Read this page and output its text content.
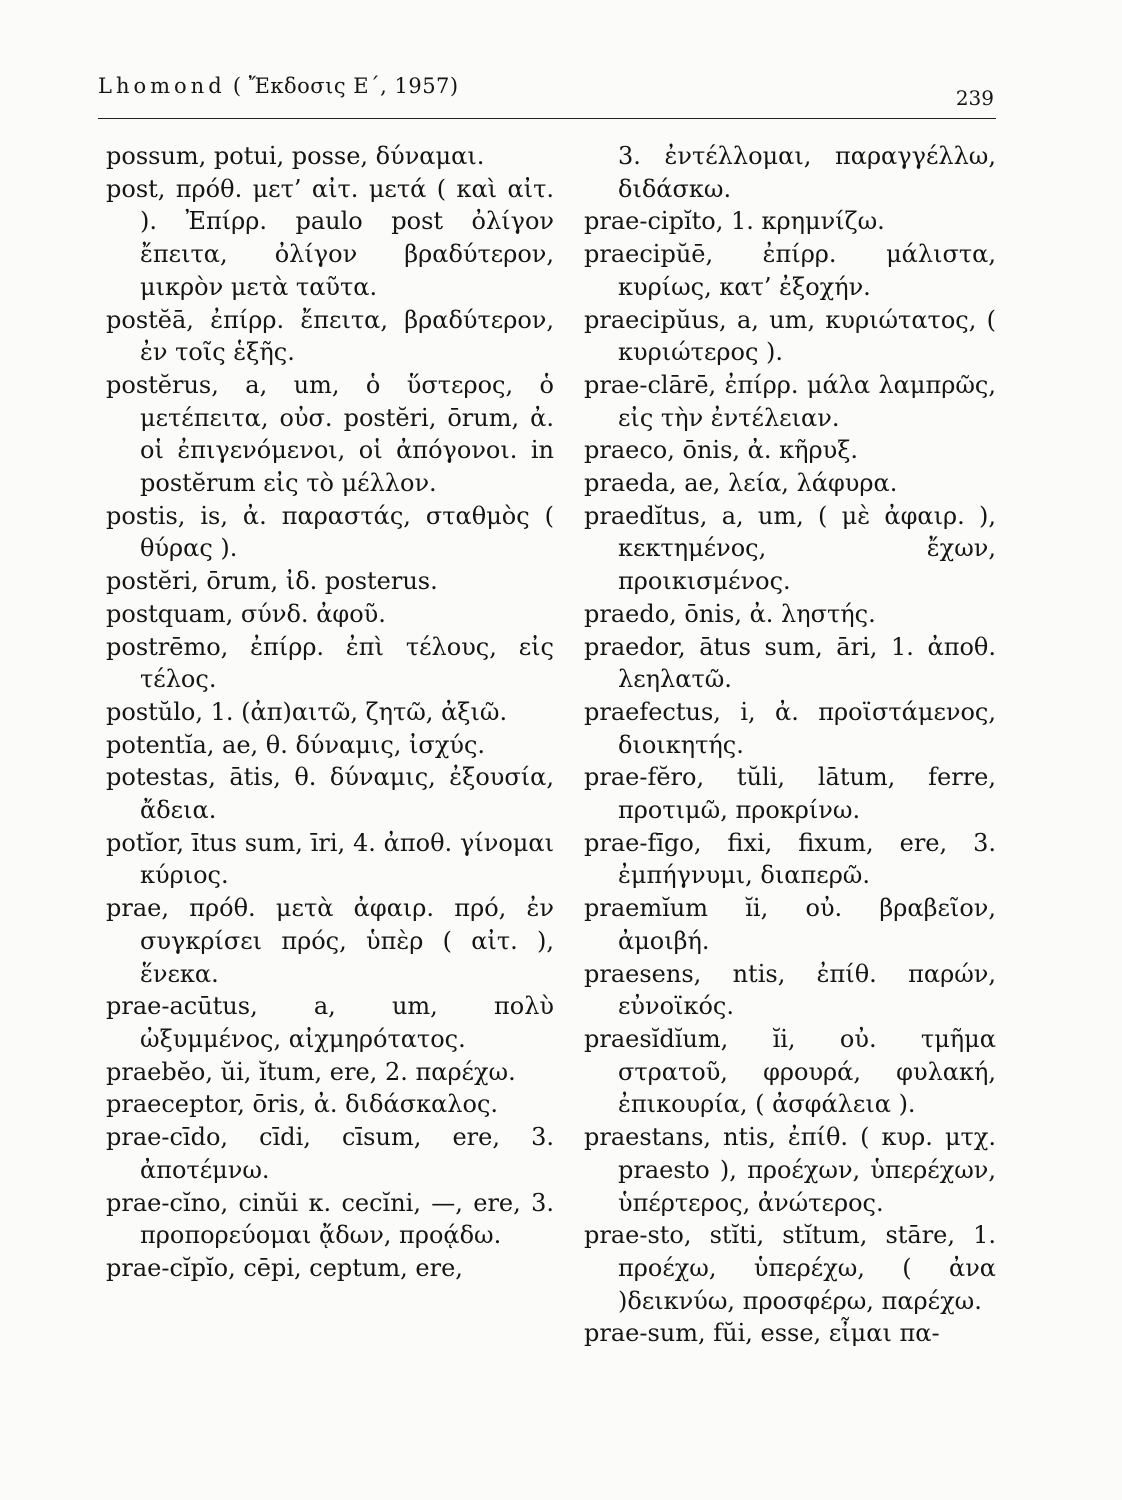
Lhomond ( Ἔκδοσις Ε΄, 1957)	239
possum, potui, posse, δύναμαι.
post, πρόθ. μετ’ αἰτ. μετά ( καὶ αἰτ. ). Ἐπίρρ. paulo post ὀλίγον ἔπειτα, ὀλίγον βραδύτερον, μικρὸν μετὰ ταῦτα.
postĕā, ἐπίρρ. ἔπειτα, βραδύτερον, ἐν τοῖς ἑξῆς.
postĕrus, a, um, ὁ ὕστερος, ὁ μετέπειτα, οὐσ. postĕri, ōrum, ἀ. οἱ ἐπιγενόμενοι, οἱ ἀπόγονοι. in postĕrum εἰς τὸ μέλλον.
postis, is, ἀ. παραστάς, σταθμὸς ( θύρας ).
postĕri, ōrum, ἰδ. posterus.
postquam, σύνδ. ἀφοῦ.
postrēmo, ἐπίρρ. ἐπὶ τέλους, εἰς τέλος.
postŭlo, 1. (ἀπ)αιτῶ, ζητῶ, ἀξιῶ.
potentĭa, ae, θ. δύναμις, ἰσχύς.
potestas, ātis, θ. δύναμις, ἐξουσία, ἄδεια.
potĭor, ītus sum, īri, 4. ἀποθ. γίνομαι κύριος.
prae, πρόθ. μετὰ ἀφαιρ. πρό, ἐν συγκρίσει πρός, ὑπὲρ ( αἰτ. ), ἕνεκα.
prae-acūtus, a, um, πολὺ ὠξυμμένος, αἰχμηρότατος.
praebĕo, ŭi, ĭtum, ere, 2. παρέχω.
praeceptor, ōris, ἀ. διδάσκαλος.
prae-cīdo, cīdi, cīsum, ere, 3. ἀποτέμνω.
prae-cĭno, cinŭi κ. cecĭni, —, ere, 3. προπορεύομαι ᾄδων, προᾴδω.
prae-cĭpĭo, cēpi, ceptum, ere,
3. ἐντέλλομαι, παραγγέλλω, διδάσκω.
prae-cipĭto, 1. κρημνίζω.
praecipŭē, ἐπίρρ. μάλιστα, κυρίως, κατ’ ἐξοχήν.
praecipŭus, a, um, κυριώτατος, ( κυριώτερος ).
prae-clārē, ἐπίρρ. μάλα λαμπρῶς, εἰς τὴν ἐντέλειαν.
praeco, ōnis, ἀ. κῆρυξ.
praeda, ae, λεία, λάφυρα.
praedĭtus, a, um, ( μὲ ἀφαιρ. ), κεκτημένος, ἔχων, προικισμένος.
praedo, ōnis, ἀ. ληστής.
praedor, ātus sum, āri, 1. ἀποθ. λεηλατῶ.
praefectus, i, ἀ. προϊστάμενος, διοικητής.
prae-fĕro, tŭli, lātum, ferre, προτιμῶ, προκρίνω.
prae-fīgo, fixi, fixum, ere, 3. ἐμπήγνυμι, διαπερῶ.
praemĭum ĭi, οὐ. βραβεῖον, ἀμοιβή.
praesens, ntis, ἐπίθ. παρών, εὐνοϊκός.
praesĭdĭum, ĭi, οὐ. τμῆμα στρατοῦ, φρουρά, φυλακή, ἐπικουρία, ( ἀσφάλεια ).
praestans, ntis, ἐπίθ. ( κυρ. μτχ. praesto ), προέχων, ὑπερέχων, ὑπέρτερος, ἀνώτερος.
prae-sto, stĭti, stĭtum, stāre, 1. προέχω, ὑπερέχω, ( ἀνα )δεικνύω, προσφέρω, παρέχω.
prae-sum, fŭi, esse, εἶμαι πα-
